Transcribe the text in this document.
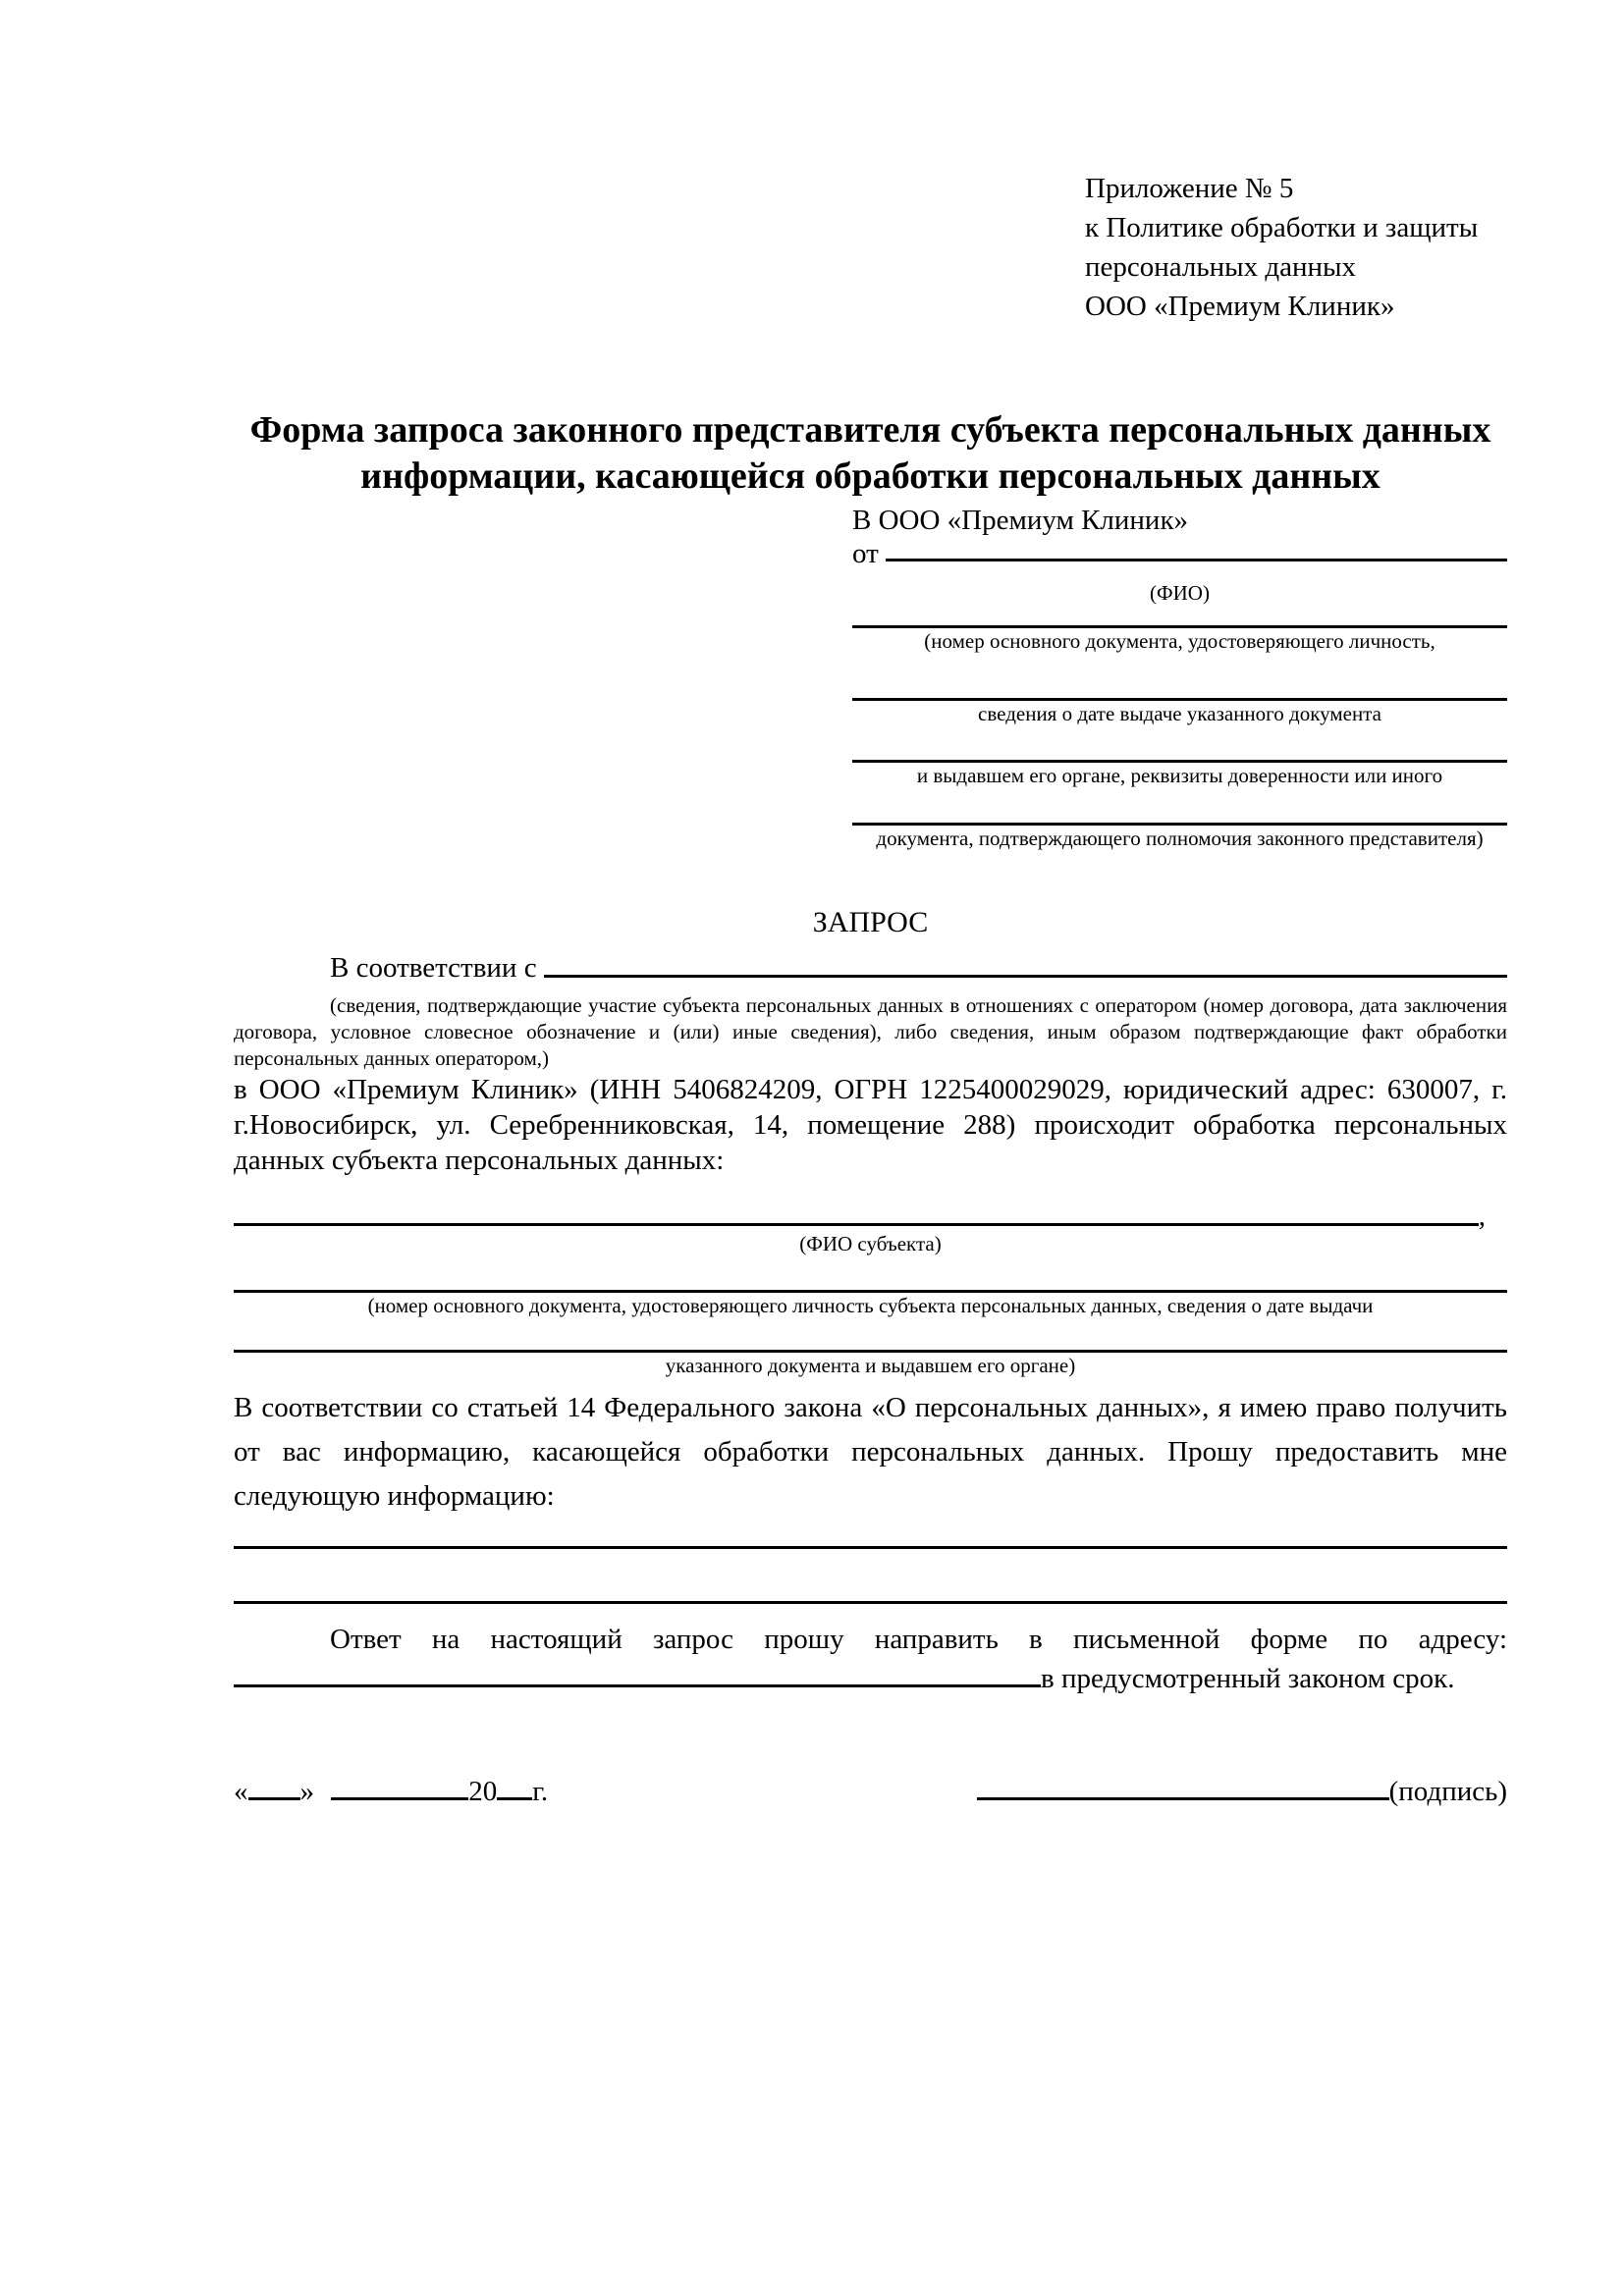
Приложение № 5
к Политике обработки и защиты
персональных данных
ООО «Премиум Клиник»
Форма запроса законного представителя субъекта персональных данных
информации, касающейся обработки персональных данных
В ООО «Премиум Клиник»
от
(ФИО)
(номер основного документа, удостоверяющего личность,
сведения о дате выдаче указанного документа
и выдавшем его органе, реквизиты доверенности или иного
документа, подтверждающего полномочия законного представителя)
ЗАПРОС
В соответствии с

(сведения, подтверждающие участие субъекта персональных данных в отношениях с оператором (номер договора, дата заключения договора, условное словесное обозначение и (или) иные сведения), либо сведения, иным образом подтверждающие факт обработки персональных данных оператором,)

в ООО «Премиум Клиник» (ИНН 5406824209, ОГРН 1225400029029, юридический адрес: 630007, г. г.Новосибирск, ул. Серебренниковская, 14, помещение 288) происходит обработка персональных данных субъекта персональных данных:

,
(ФИО субъекта)
(номер основного документа, удостоверяющего личность субъекта персональных данных, сведения о дате выдачи
указанного документа и выдавшем его органе)

В соответствии со статьей 14 Федерального закона «О персональных данных», я имею право получить от вас информацию, касающейся обработки персональных данных. Прошу предоставить мне следующую информацию:

Ответ на настоящий запрос прошу направить в письменной форме по адресу: в предусмотренный законом срок.

« »	20 г.	(подпись)
